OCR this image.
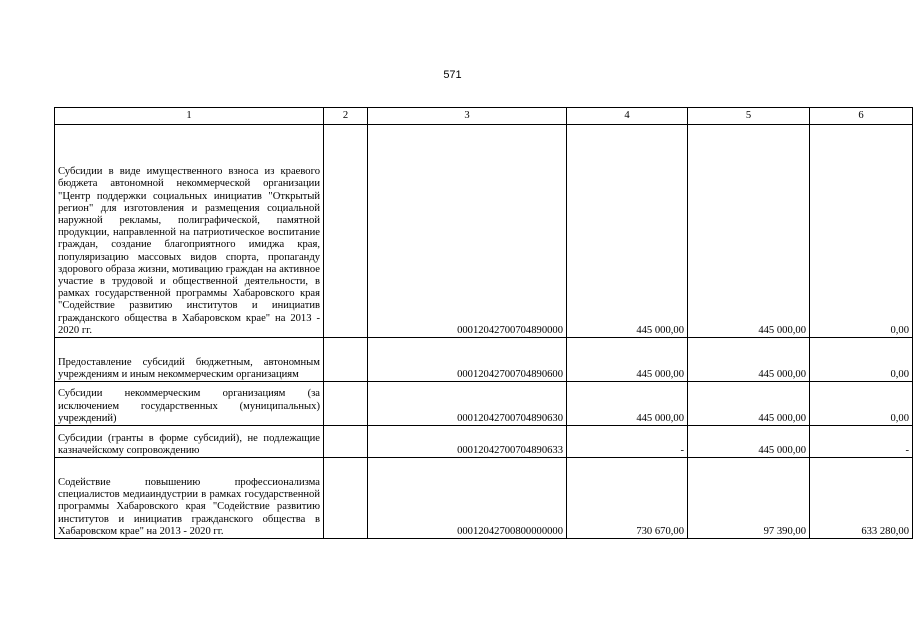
571
1	2	3	4	5	6
Субсидии в виде имущественного взноса из краевого бюджета автономной некоммерческой организации "Центр поддержки социальных инициатив "Открытый регион" для изготовления и размещения социальной наружной рекламы, полиграфической, памятной продукции, направленной на патриотическое воспитание граждан, создание благоприятного имиджа края, популяризацию массовых видов спорта, пропаганду здорового образа жизни, мотивацию граждан на активное участие в трудовой и общественной деятельности, в рамках государственной программы Хабаровского края "Содействие развитию институтов и инициатив гражданского общества в Хабаровском крае" на 2013 - 2020 гг.		00012042700704890000	445 000,00	445 000,00	0,00
Предоставление субсидий бюджетным, автономным учреждениям и иным некоммерческим организациям		00012042700704890600	445 000,00	445 000,00	0,00
Субсидии некоммерческим организациям (за исключением государственных (муниципальных) учреждений)		00012042700704890630	445 000,00	445 000,00	0,00
Субсидии (гранты в форме субсидий), не подлежащие казначейскому сопровождению		00012042700704890633	-	445 000,00	-
Содействие повышению профессионализма специалистов медиаиндустрии в рамках государственной программы Хабаровского края "Содействие развитию институтов и инициатив гражданского общества в Хабаровском крае" на 2013 - 2020 гг.		00012042700800000000	730 670,00	97 390,00	633 280,00
